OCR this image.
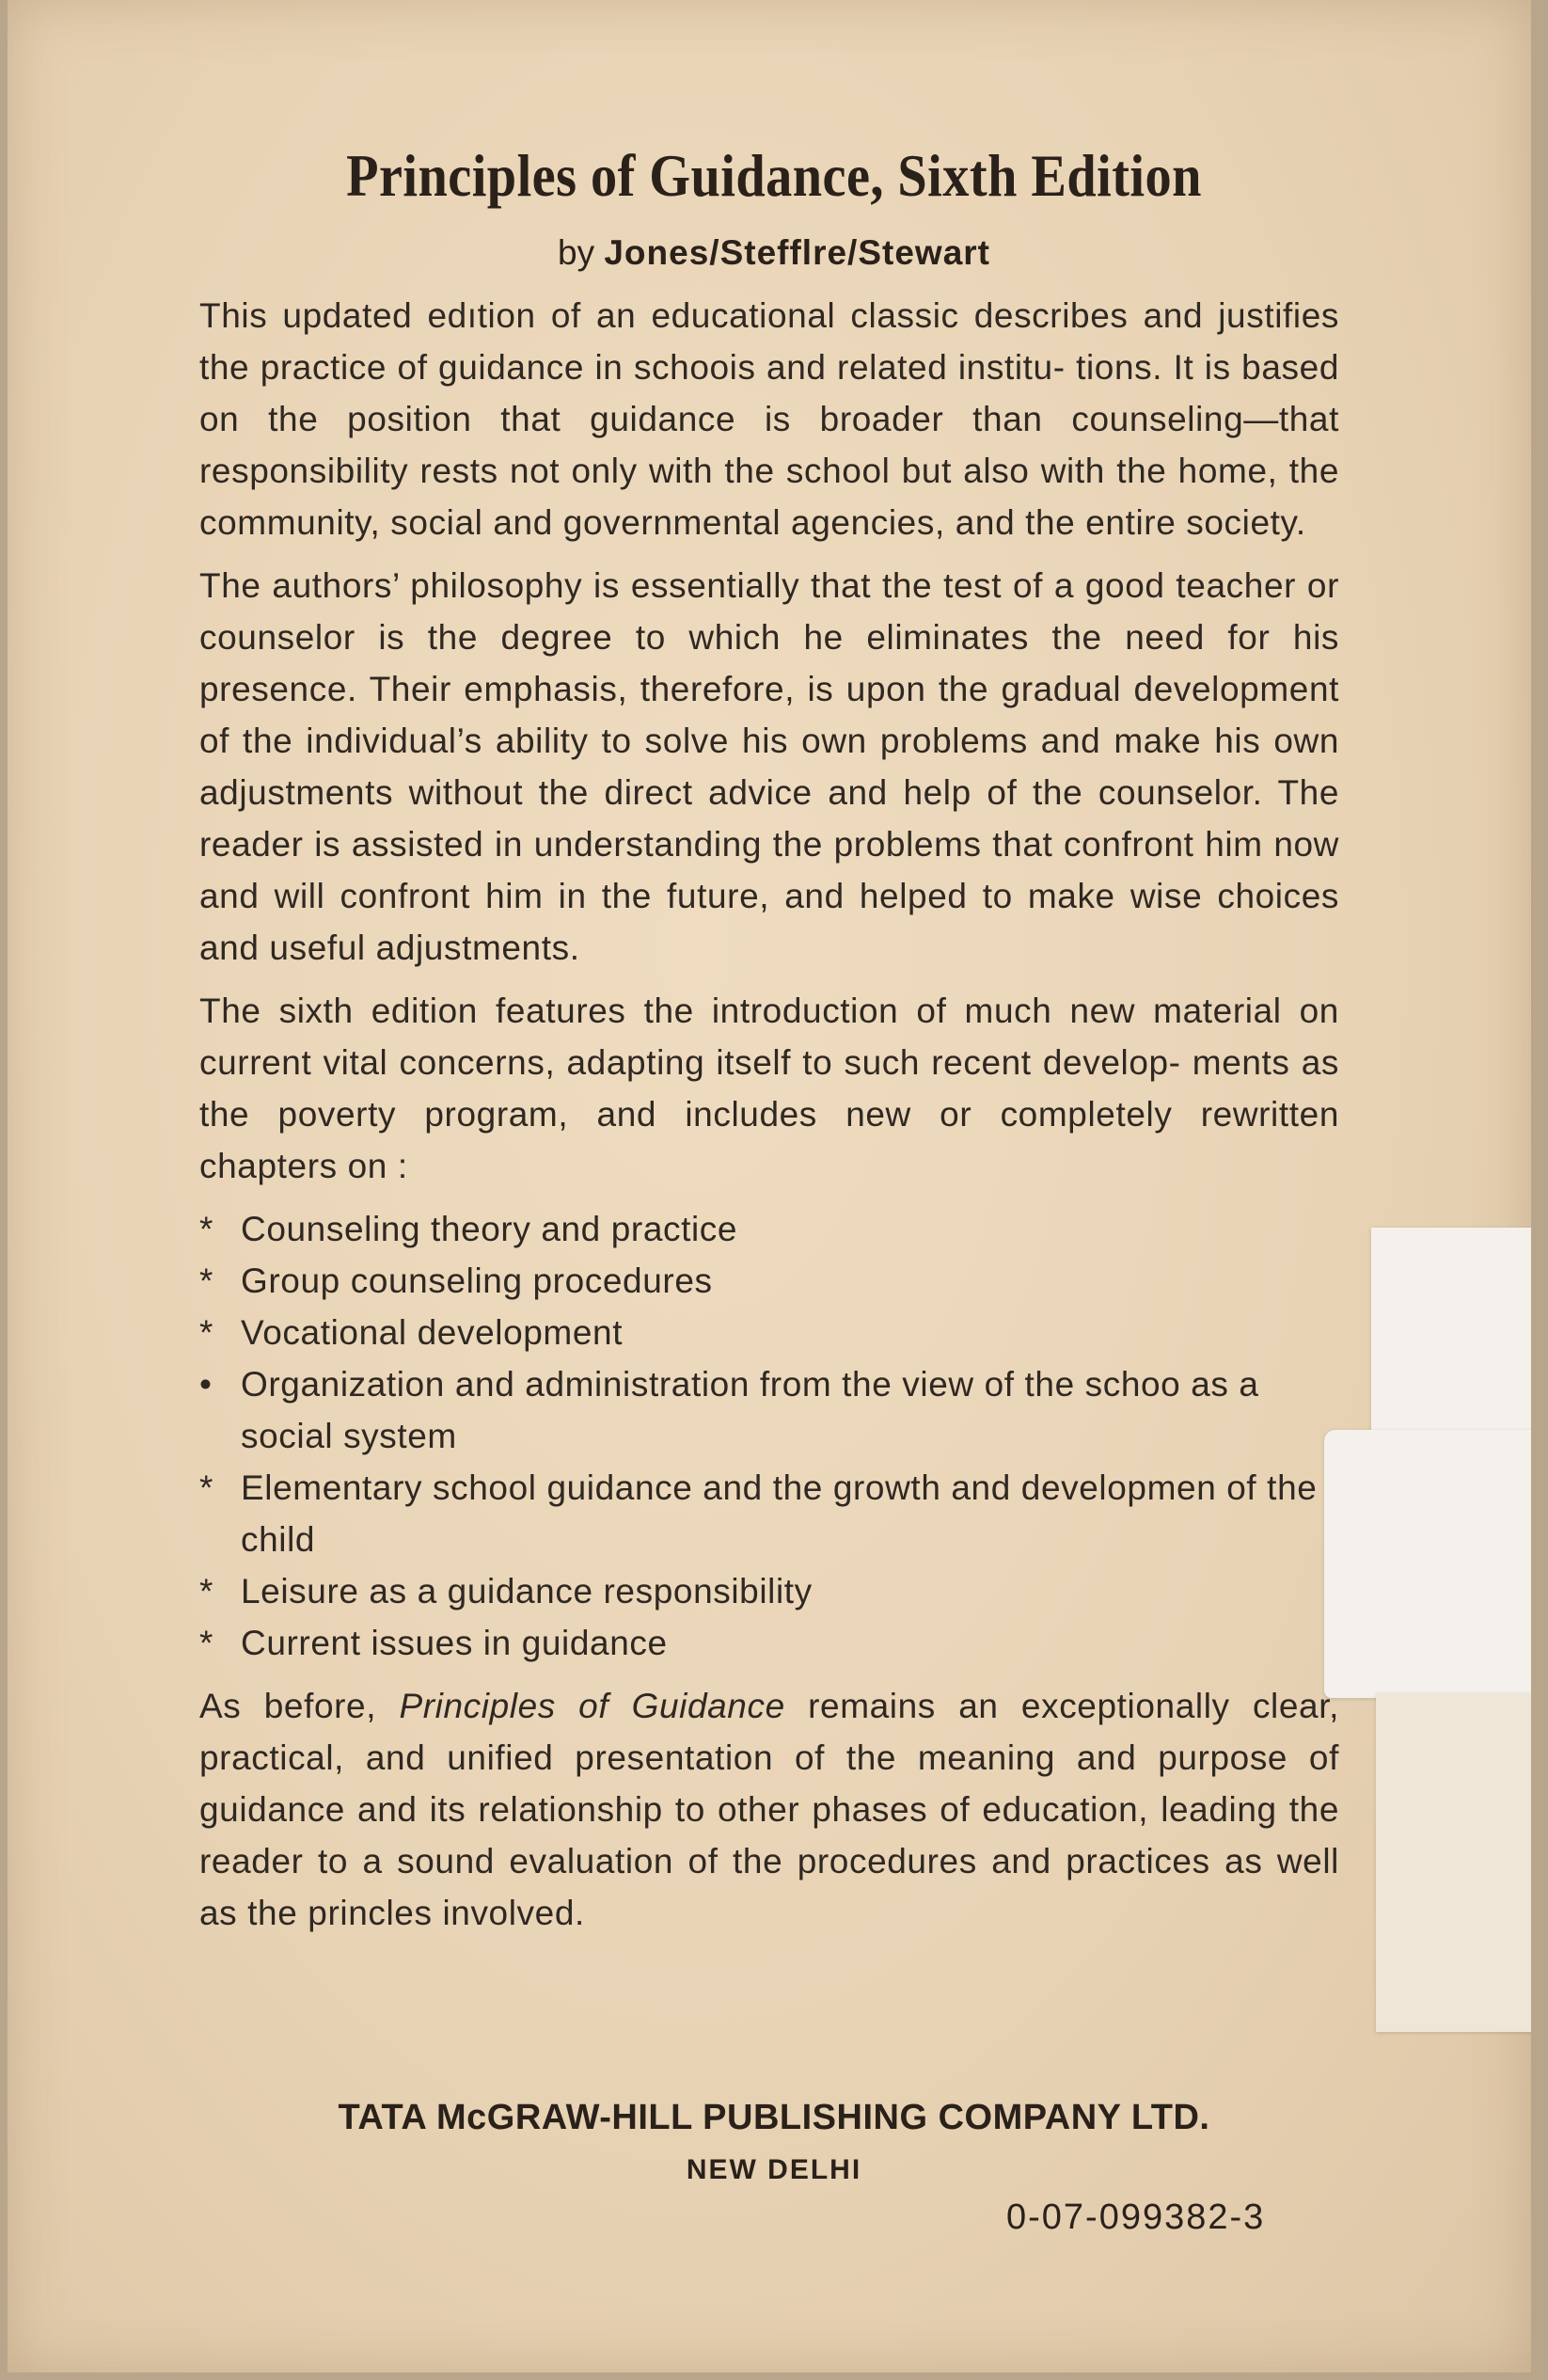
Principles of Guidance, Sixth Edition
by Jones/Stefflre/Stewart

This updated edıtion of an educational classic describes and justifies the practice of guidance in schoois and related institu- tions. It is based on the position that guidance is broader than counseling—that responsibility rests not only with the school but also with the home, the community, social and governmental agencies, and the entire society.

The authors’ philosophy is essentially that the test of a good teacher or counselor is the degree to which he eliminates the need for his presence. Their emphasis, therefore, is upon the gradual development of the individual’s ability to solve his own problems and make his own adjustments without the direct advice and help of the counselor. The reader is assisted in understanding the problems that confront him now and will confront him in the future, and helped to make wise choices and useful adjustments.

The sixth edition features the introduction of much new material on current vital concerns, adapting itself to such recent develop- ments as the poverty program, and includes new or completely rewritten chapters on :

* Counseling theory and practice
* Group counseling procedures
* Vocational development
• Organization and administration from the view of the schoo as a social system
* Elementary school guidance and the growth and developmen of the child
* Leisure as a guidance responsibility
* Current issues in guidance

As before, Principles of Guidance remains an exceptionally clear, practical, and unified presentation of the meaning and purpose of guidance and its relationship to other phases of education, leading the reader to a sound evaluation of the procedures and practices as well as the princles involved.

TATA McGRAW-HILL PUBLISHING COMPANY LTD.
NEW DELHI
0-07-099382-3
